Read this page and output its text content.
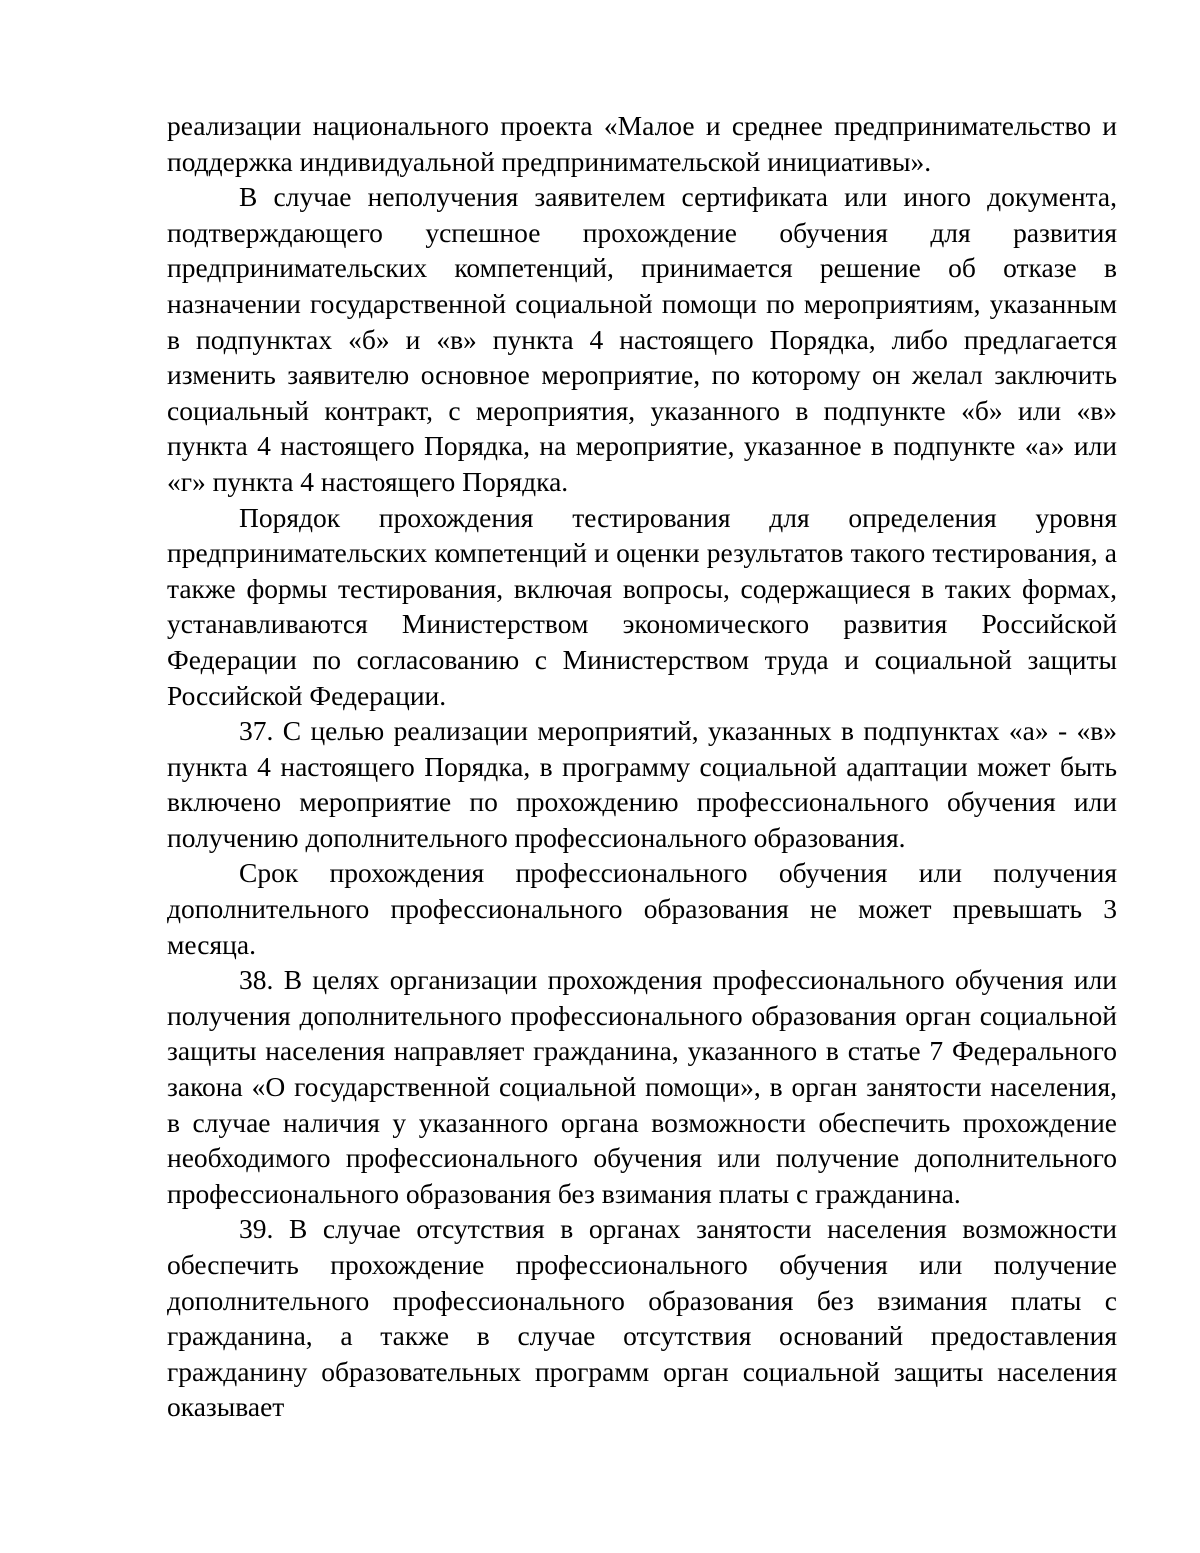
реализации национального проекта «Малое и среднее предпринимательство и поддержка индивидуальной предпринимательской инициативы».

В случае неполучения заявителем сертификата или иного документа, подтверждающего успешное прохождение обучения для развития предпринимательских компетенций, принимается решение об отказе в назначении государственной социальной помощи по мероприятиям, указанным в подпунктах «б» и «в» пункта 4 настоящего Порядка, либо предлагается изменить заявителю основное мероприятие, по которому он желал заключить социальный контракт, с мероприятия, указанного в подпункте «б» или «в» пункта 4 настоящего Порядка, на мероприятие, указанное в подпункте «а» или «г» пункта 4 настоящего Порядка.

Порядок прохождения тестирования для определения уровня предпринимательских компетенций и оценки результатов такого тестирования, а также формы тестирования, включая вопросы, содержащиеся в таких формах, устанавливаются Министерством экономического развития Российской Федерации по согласованию с Министерством труда и социальной защиты Российской Федерации.

37. С целью реализации мероприятий, указанных в подпунктах «а» - «в» пункта 4 настоящего Порядка, в программу социальной адаптации может быть включено мероприятие по прохождению профессионального обучения или получению дополнительного профессионального образования.

Срок прохождения профессионального обучения или получения дополнительного профессионального образования не может превышать 3 месяца.

38. В целях организации прохождения профессионального обучения или получения дополнительного профессионального образования орган социальной защиты населения направляет гражданина, указанного в статье 7 Федерального закона «О государственной социальной помощи», в орган занятости населения, в случае наличия у указанного органа возможности обеспечить прохождение необходимого профессионального обучения или получение дополнительного профессионального образования без взимания платы с гражданина.

39. В случае отсутствия в органах занятости населения возможности обеспечить прохождение профессионального обучения или получение дополнительного профессионального образования без взимания платы с гражданина, а также в случае отсутствия оснований предоставления гражданину образовательных программ орган социальной защиты населения оказывает
